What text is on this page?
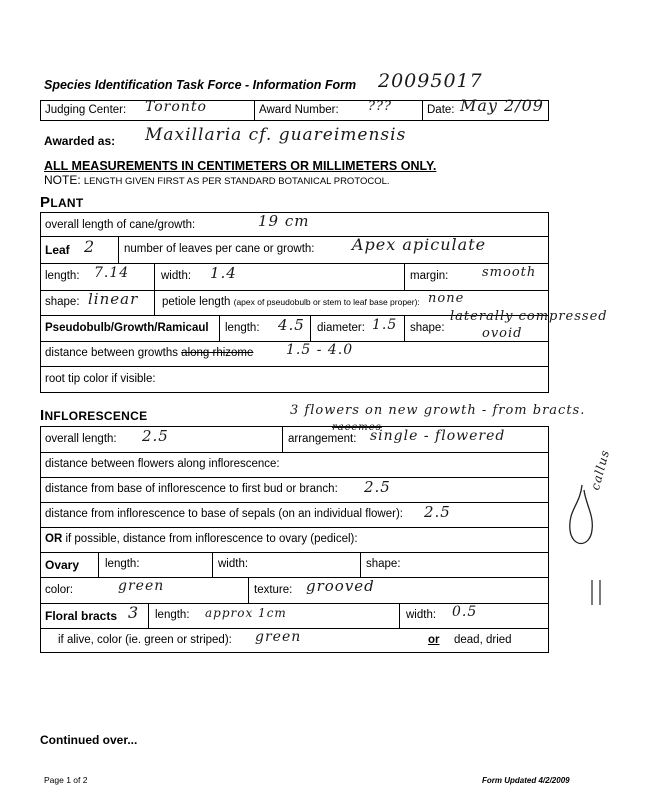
Species Identification Task Force - Information Form 20095017
Judging Center: Toronto	Award Number: ???	Date: May 2/09
Awarded as: Maxillaria cf. guareimensis
ALL MEASUREMENTS IN CENTIMETERS OR MILLIMETERS ONLY.
NOTE: LENGTH GIVEN FIRST AS PER STANDARD BOTANICAL PROTOCOL.
PLANT
overall length of cane/growth:	19 cm
Leaf 2	number of leaves per cane or growth: Apex apiculate
length: 7.14	width: 1.4	margin:	smooth
shape: linear petiole length (apex of pseudobulb or stem to leaf base proper): none
Pseudobulb/Growth/Ramicaul length: 4.5 diameter: 1.5 shape:
laterally compressed
ovoid
distance between growths along rhizome 1.5 - 4.0
root tip color if visible:
INFLORESCENCE	3 flowers on new growth - from bracts.
overall length: 2.5	arrangement:
racemes
single - flowered
distance between flowers along inflorescence:
distance from base of inflorescence to first bud or branch: 2.5
distance from inflorescence to base of sepals (on an individual flower): 2.5
OR if possible, distance from inflorescence to ovary (pedicel):
Ovary length:	width:	shape:
color:	green	texture: grooved
Floral bracts 3 length: approx 1cm	width: 0.5
if alive, color (ie. green or striped): green	or dead, dried
callus
Continued over...
Page 1 of 2	Form Updated 4/2/2009
